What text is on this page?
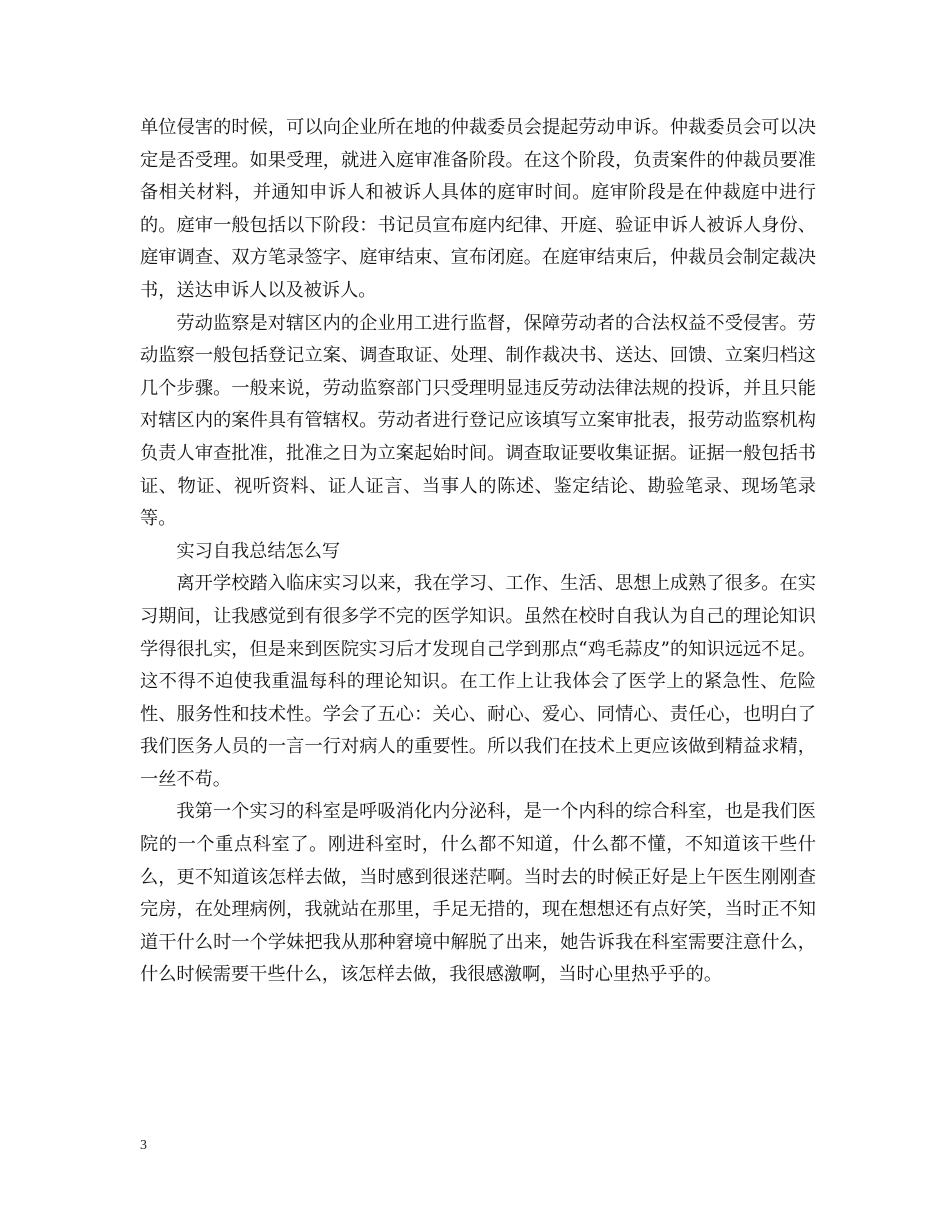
单位侵害的时候，可以向企业所在地的仲裁委员会提起劳动申诉。仲裁委员会可以决定是否受理。如果受理，就进入庭审准备阶段。在这个阶段，负责案件的仲裁员要准备相关材料，并通知申诉人和被诉人具体的庭审时间。庭审阶段是在仲裁庭中进行的。庭审一般包括以下阶段：书记员宣布庭内纪律、开庭、验证申诉人被诉人身份、庭审调查、双方笔录签字、庭审结束、宣布闭庭。在庭审结束后，仲裁员会制定裁决书，送达申诉人以及被诉人。

劳动监察是对辖区内的企业用工进行监督，保障劳动者的合法权益不受侵害。劳动监察一般包括登记立案、调查取证、处理、制作裁决书、送达、回馈、立案归档这几个步骤。一般来说，劳动监察部门只受理明显违反劳动法律法规的投诉，并且只能对辖区内的案件具有管辖权。劳动者进行登记应该填写立案审批表，报劳动监察机构负责人审查批准，批准之日为立案起始时间。调查取证要收集证据。证据一般包括书证、物证、视听资料、证人证言、当事人的陈述、鉴定结论、勘验笔录、现场笔录等。

实习自我总结怎么写

离开学校踏入临床实习以来，我在学习、工作、生活、思想上成熟了很多。在实习期间，让我感觉到有很多学不完的医学知识。虽然在校时自我认为自己的理论知识学得很扎实，但是来到医院实习后才发现自己学到那点“鸡毛蒜皮”的知识远远不足。这不得不迫使我重温每科的理论知识。在工作上让我体会了医学上的紧急性、危险性、服务性和技术性。学会了五心：关心、耐心、爱心、同情心、责任心，也明白了我们医务人员的一言一行对病人的重要性。所以我们在技术上更应该做到精益求精，一丝不苟。

我第一个实习的科室是呼吸消化内分泌科，是一个内科的综合科室，也是我们医院的一个重点科室了。刚进科室时，什么都不知道，什么都不懂，不知道该干些什么，更不知道该怎样去做，当时感到很迷茫啊。当时去的时候正好是上午医生刚刚查完房，在处理病例，我就站在那里，手足无措的，现在想想还有点好笑，当时正不知道干什么时一个学妹把我从那种窘境中解脱了出来，她告诉我在科室需要注意什么，什么时候需要干些什么，该怎样去做，我很感激啊，当时心里热乎乎的。

3
